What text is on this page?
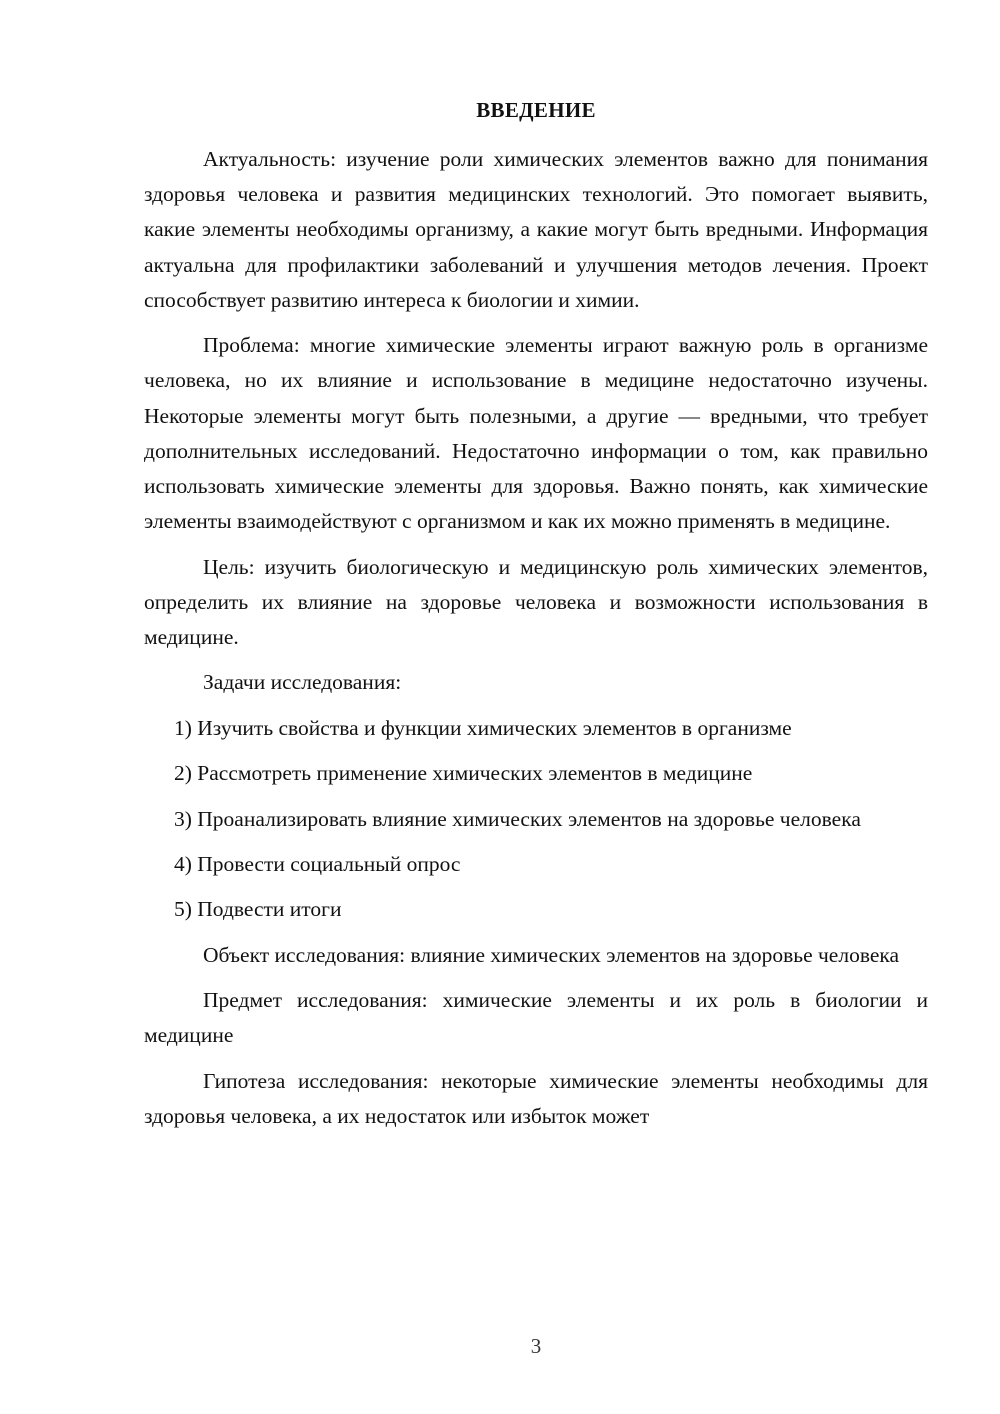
ВВЕДЕНИЕ

Актуальность: изучение роли химических элементов важно для понимания здоровья человека и развития медицинских технологий. Это помогает выявить, какие элементы необходимы организму, а какие могут быть вредными. Информация актуальна для профилактики заболеваний и улучшения методов лечения. Проект способствует развитию интереса к биологии и химии.

Проблема: многие химические элементы играют важную роль в организме человека, но их влияние и использование в медицине недостаточно изучены. Некоторые элементы могут быть полезными, а другие — вредными, что требует дополнительных исследований. Недостаточно информации о том, как правильно использовать химические элементы для здоровья. Важно понять, как химические элементы взаимодействуют с организмом и как их можно применять в медицине.

Цель: изучить биологическую и медицинскую роль химических элементов, определить их влияние на здоровье человека и возможности использования в медицине.

Задачи исследования:

1) Изучить свойства и функции химических элементов в организме

2) Рассмотреть применение химических элементов в медицине

3) Проанализировать влияние химических элементов на здоровье человека

4) Провести социальный опрос

5) Подвести итоги

Объект исследования: влияние химических элементов на здоровье человека

Предмет исследования: химические элементы и их роль в биологии и медицине

Гипотеза исследования: некоторые химические элементы необходимы для здоровья человека, а их недостаток или избыток может

3
